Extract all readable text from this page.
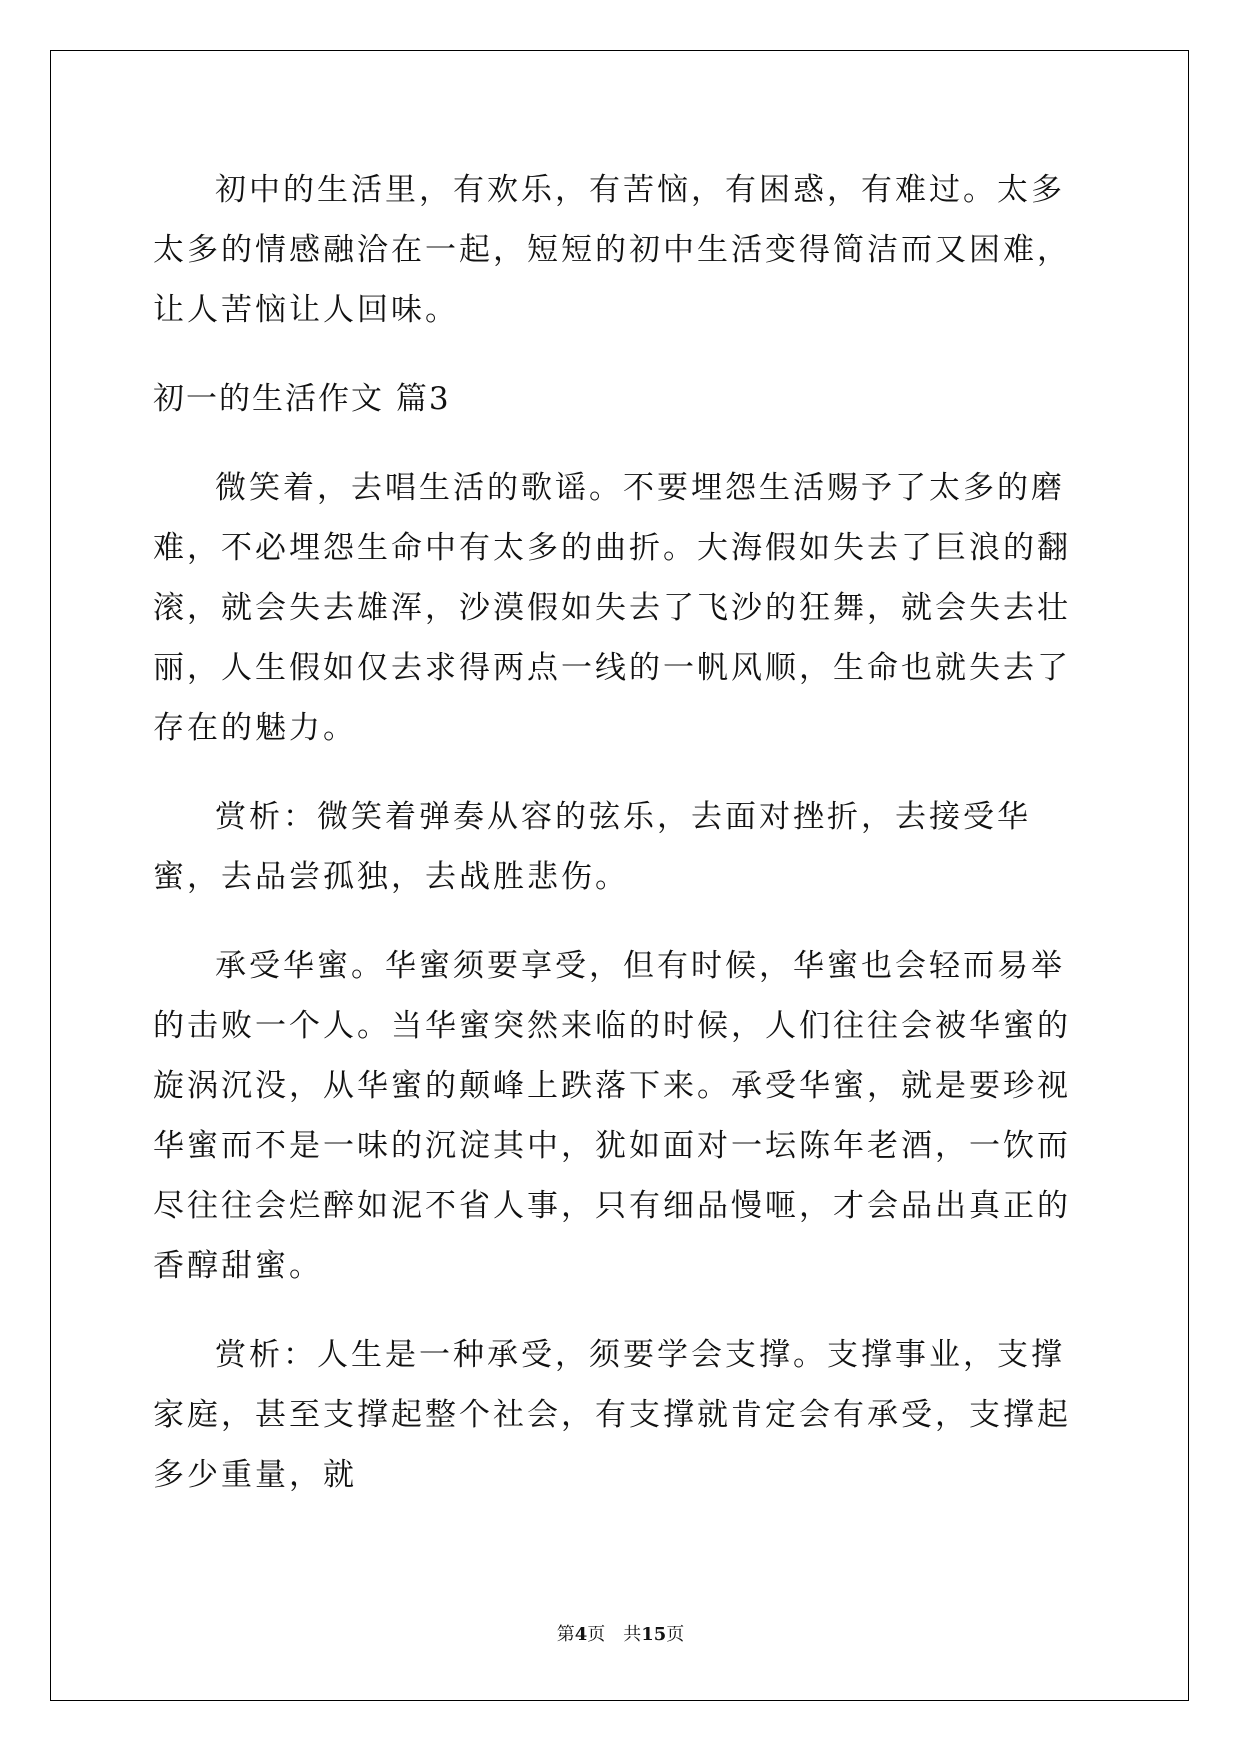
初中的生活里，有欢乐，有苦恼，有困惑，有难过。太多太多的情感融洽在一起，短短的初中生活变得简洁而又困难，让人苦恼让人回味。

初一的生活作文 篇3

微笑着，去唱生活的歌谣。不要埋怨生活赐予了太多的磨难，不必埋怨生命中有太多的曲折。大海假如失去了巨浪的翻滚，就会失去雄浑，沙漠假如失去了飞沙的狂舞，就会失去壮丽，人生假如仅去求得两点一线的一帆风顺，生命也就失去了存在的魅力。

赏析：微笑着弹奏从容的弦乐，去面对挫折，去接受华蜜，去品尝孤独，去战胜悲伤。

承受华蜜。华蜜须要享受，但有时候，华蜜也会轻而易举的击败一个人。当华蜜突然来临的时候，人们往往会被华蜜的旋涡沉没，从华蜜的颠峰上跌落下来。承受华蜜，就是要珍视华蜜而不是一味的沉淀其中，犹如面对一坛陈年老酒，一饮而尽往往会烂醉如泥不省人事，只有细品慢咂，才会品出真正的香醇甜蜜。

赏析：人生是一种承受，须要学会支撑。支撑事业，支撑家庭，甚至支撑起整个社会，有支撑就肯定会有承受，支撑起多少重量，就

第4页　共15页
